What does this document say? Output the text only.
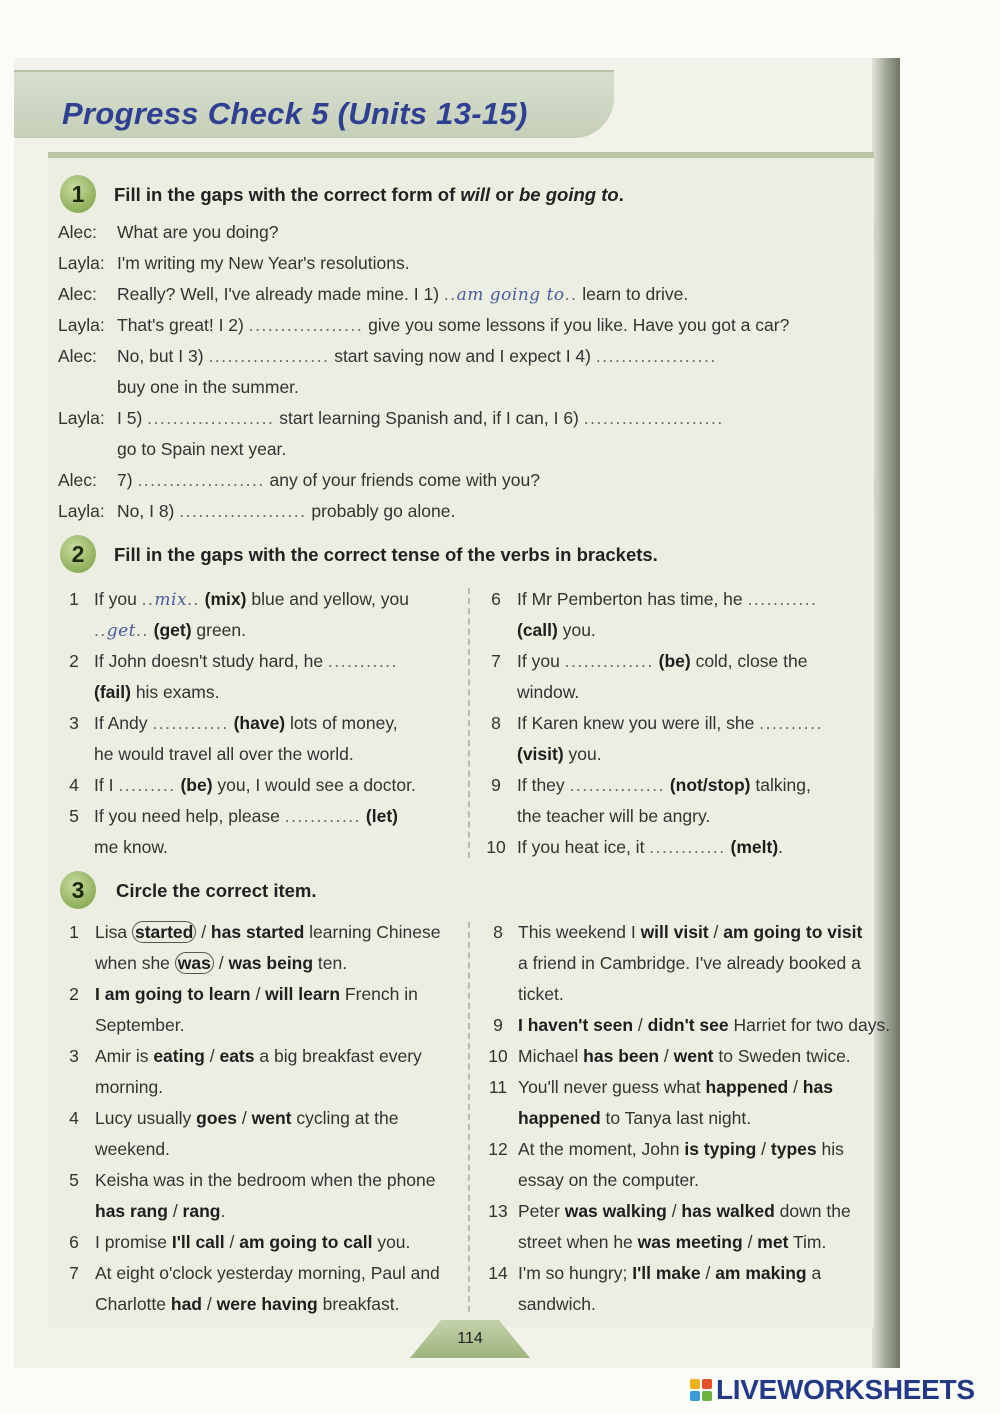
Progress Check 5 (Units 13-15)
1	Fill in the gaps with the correct form of will or be going to.
Alec: What are you doing?
Layla: I'm writing my New Year's resolutions.
Alec: Really? Well, I've already made mine. I 1) ..am going to.. learn to drive.
Layla: That's great! I 2) .................. give you some lessons if you like. Have you got a car?
Alec: No, but I 3) ................... start saving now and I expect I 4) ...................
buy one in the summer.
Layla: I 5) .................... start learning Spanish and, if I can, I 6) ......................
go to Spain next year.
Alec: 7) .................... any of your friends come with you?
Layla: No, I 8) .................... probably go alone.
2	Fill in the gaps with the correct tense of the verbs in brackets.
1 If you ..mix.. (mix) blue and yellow, you
..get.. (get) green.
2 If John doesn't study hard, he ...........
(fail) his exams.
3 If Andy ............ (have) lots of money,
he would travel all over the world.
4 If I ......... (be) you, I would see a doctor.
5 If you need help, please ............ (let)
me know.
6 If Mr Pemberton has time, he ...........
(call) you.
7 If you .............. (be) cold, close the
window.
8 If Karen knew you were ill, she ..........
(visit) you.
9 If they ............... (not/stop) talking,
the teacher will be angry.
10 If you heat ice, it ............ (melt).
3	Circle the correct item.
1 Lisa started / has started learning Chinese
when she was / was being ten.
2 I am going to learn / will learn French in
September.
3 Amir is eating / eats a big breakfast every
morning.
4 Lucy usually goes / went cycling at the
weekend.
5 Keisha was in the bedroom when the phone
has rang / rang.
6 I promise I'll call / am going to call you.
7 At eight o'clock yesterday morning, Paul and
Charlotte had / were having breakfast.
8 This weekend I will visit / am going to visit
a friend in Cambridge. I've already booked a
ticket.
9 I haven't seen / didn't see Harriet for two days.
10 Michael has been / went to Sweden twice.
11 You'll never guess what happened / has
happened to Tanya last night.
12 At the moment, John is typing / types his
essay on the computer.
13 Peter was walking / has walked down the
street when he was meeting / met Tim.
14 I'm so hungry; I'll make / am making a
sandwich.
114
LIVEWORKSHEETS
